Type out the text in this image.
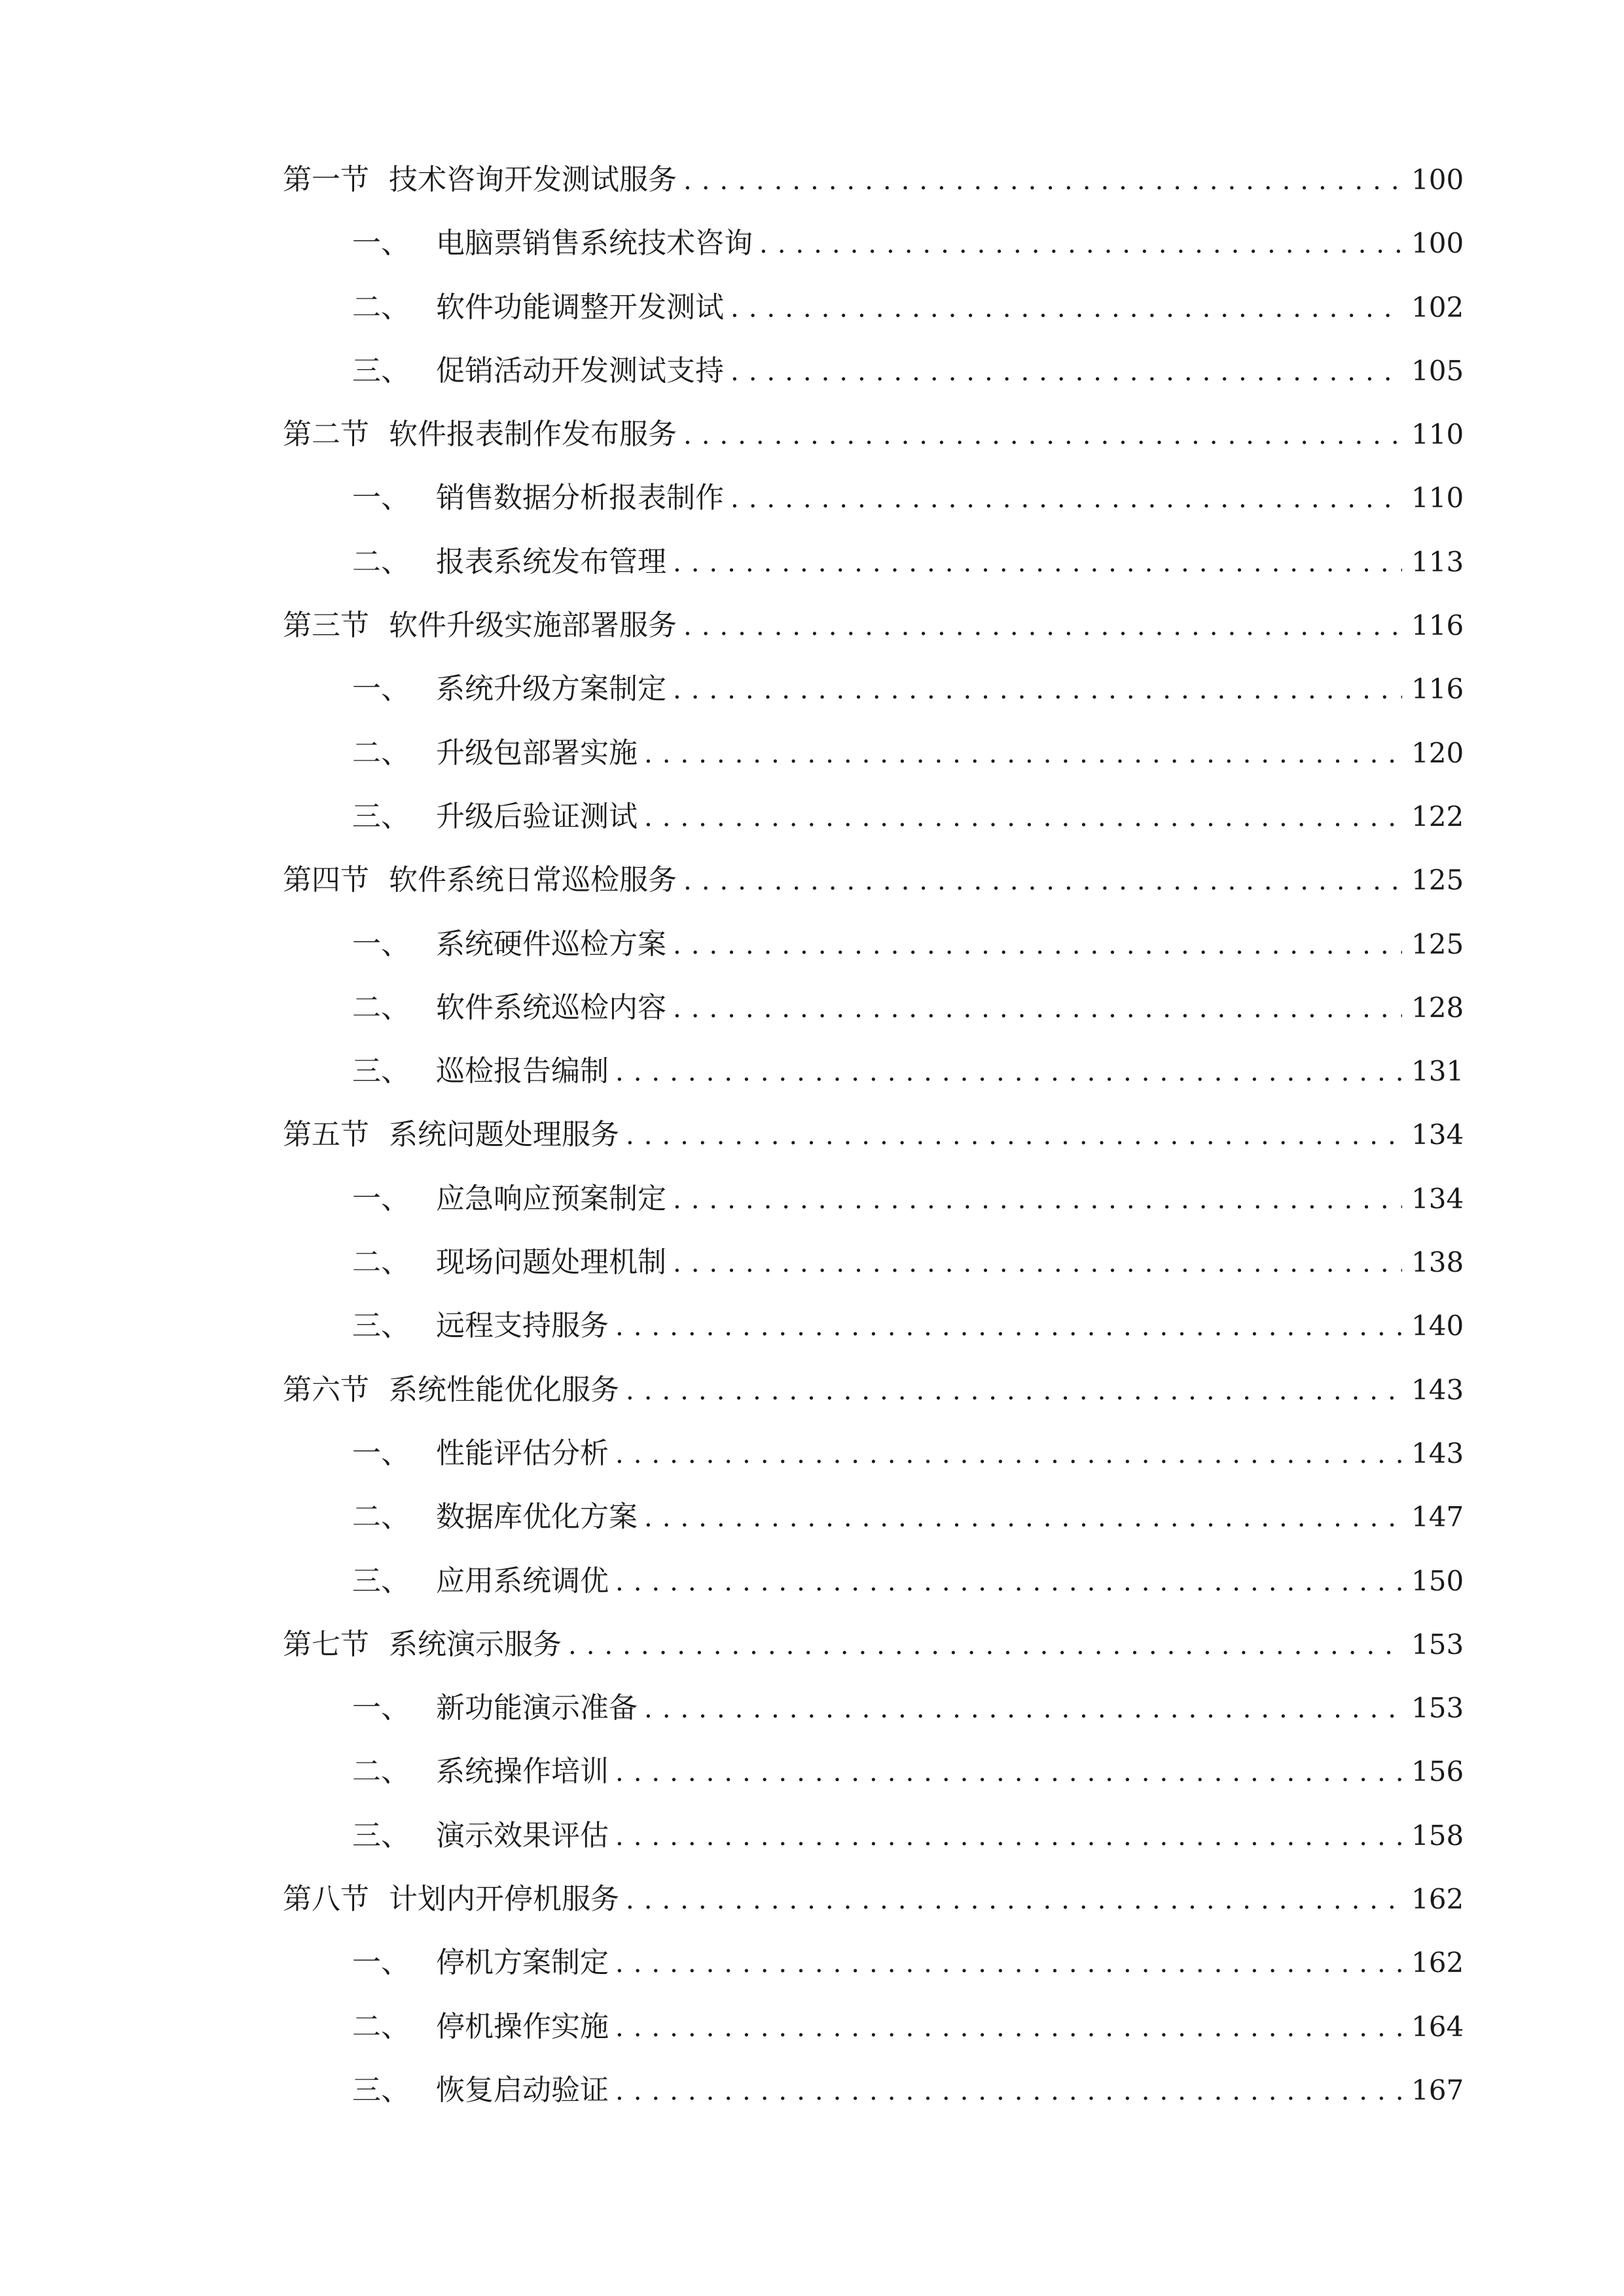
第一节 技术咨询开发测试服务 .....	100
一、 电脑票销售系统技术咨询 .....	100
二、 软件功能调整开发测试 .....	102
三、 促销活动开发测试支持 .....	105
第二节 软件报表制作发布服务 .....	110
一、 销售数据分析报表制作 .....	110
二、 报表系统发布管理 .....	113
第三节 软件升级实施部署服务 .....	116
一、 系统升级方案制定 .....	116
二、 升级包部署实施 .....	120
三、 升级后验证测试 .....	122
第四节 软件系统日常巡检服务 .....	125
一、 系统硬件巡检方案 .....	125
二、 软件系统巡检内容 .....	128
三、 巡检报告编制 .....	131
第五节 系统问题处理服务 .....	134
一、 应急响应预案制定 .....	134
二、 现场问题处理机制 .....	138
三、 远程支持服务 .....	140
第六节 系统性能优化服务 .....	143
一、 性能评估分析 .....	143
二、 数据库优化方案 .....	147
三、 应用系统调优 .....	150
第七节 系统演示服务 .....	153
一、 新功能演示准备 .....	153
二、 系统操作培训 .....	156
三、 演示效果评估 .....	158
第八节 计划内开停机服务 .....	162
一、 停机方案制定 .....	162
二、 停机操作实施 .....	164
三、 恢复启动验证 .....	167
